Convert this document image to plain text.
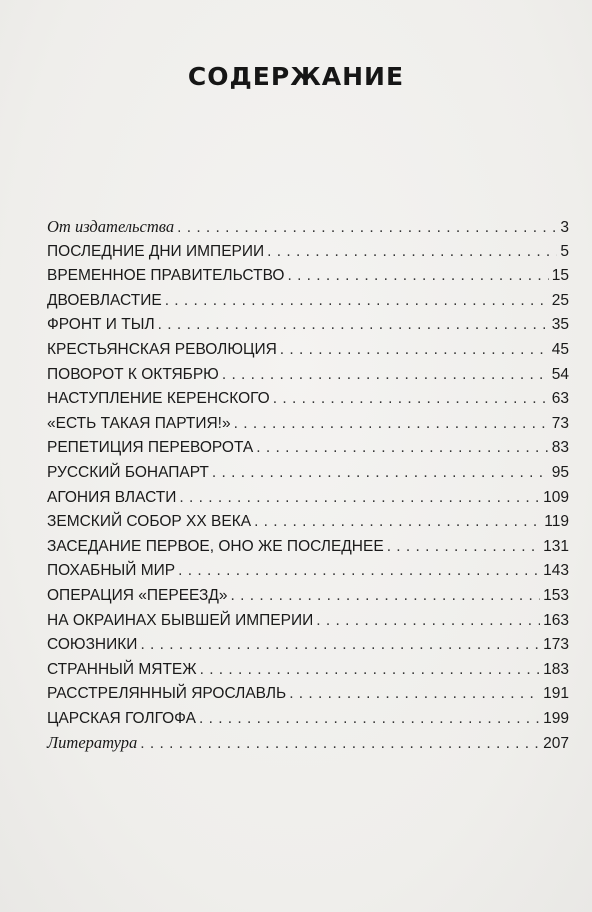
СОДЕРЖАНИЕ
От издательства . . .	3
ПОСЛЕДНИЕ ДНИ ИМПЕРИИ . . .	5
ВРЕМЕННОЕ ПРАВИТЕЛЬСТВО . . .	15
ДВОЕВЛАСТИЕ . . .	25
ФРОНТ И ТЫЛ . . .	35
КРЕСТЬЯНСКАЯ РЕВОЛЮЦИЯ . . .	45
ПОВОРОТ К ОКТЯБРЮ . . .	54
НАСТУПЛЕНИЕ КЕРЕНСКОГО . . .	63
«ЕСТЬ ТАКАЯ ПАРТИЯ!» . . .	73
РЕПЕТИЦИЯ ПЕРЕВОРОТА . . .	83
РУССКИЙ БОНАПАРТ . . .	95
АГОНИЯ ВЛАСТИ . . .	109
ЗЕМСКИЙ СОБОР XX ВЕКА . . .	119
ЗАСЕДАНИЕ ПЕРВОЕ, ОНО ЖЕ ПОСЛЕДНЕЕ . . .	131
ПОХАБНЫЙ МИР . . .	143
ОПЕРАЦИЯ «ПЕРЕЕЗД» . . .	153
НА ОКРАИНАХ БЫВШЕЙ ИМПЕРИИ . . .	163
СОЮЗНИКИ . . .	173
СТРАННЫЙ МЯТЕЖ . . .	183
РАССТРЕЛЯННЫЙ ЯРОСЛАВЛЬ . . .	191
ЦАРСКАЯ ГОЛГОФА . . .	199
Литература . . .	207
